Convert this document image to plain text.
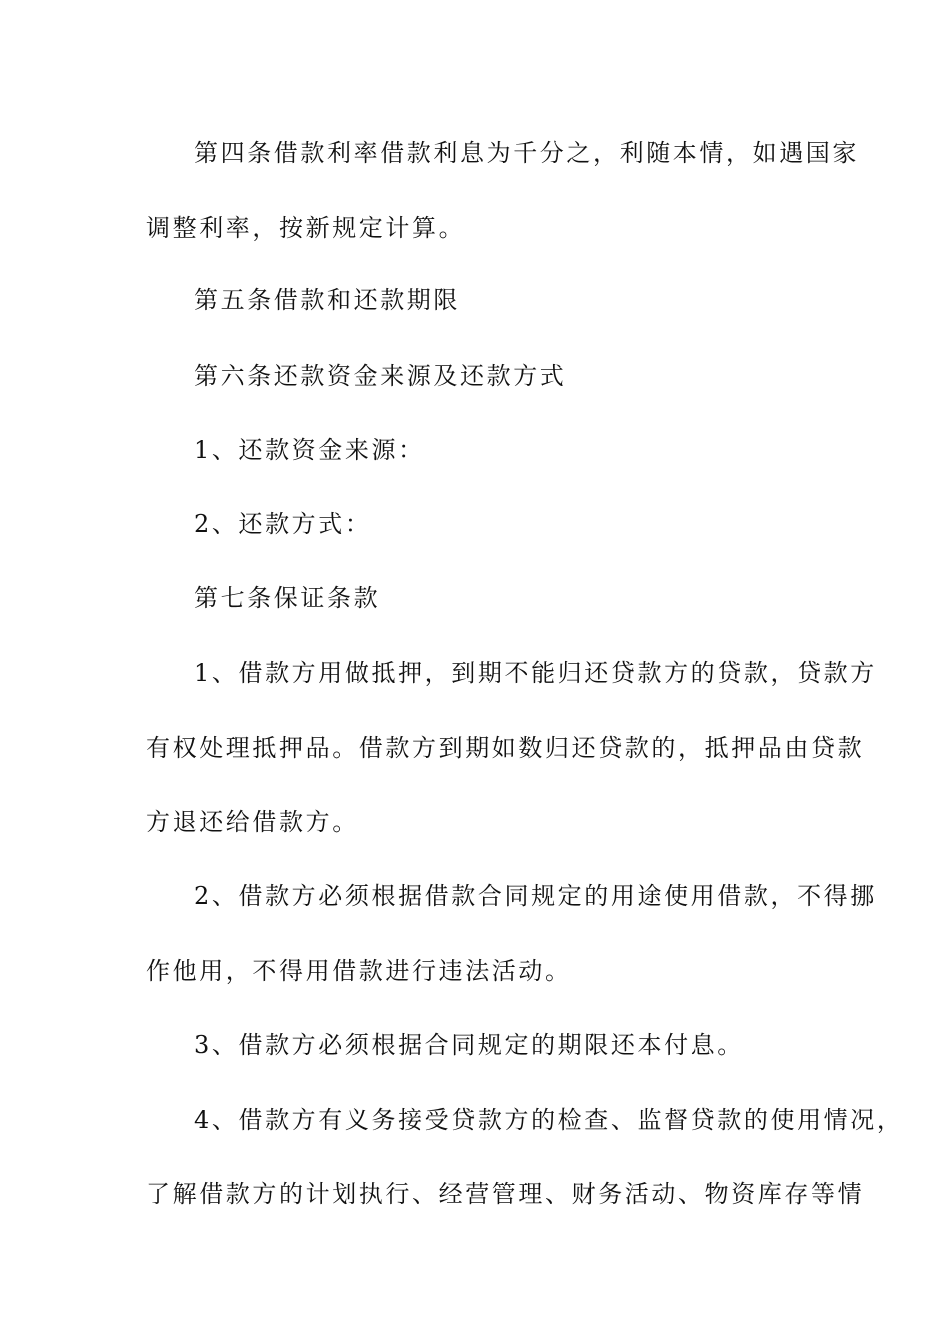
第四条借款利率借款利息为千分之，利随本情，如遇国家
调整利率，按新规定计算。
第五条借款和还款期限
第六条还款资金来源及还款方式
1、还款资金来源：
2、还款方式：
第七条保证条款
1、借款方用做抵押，到期不能归还贷款方的贷款，贷款方
有权处理抵押品。借款方到期如数归还贷款的，抵押品由贷款
方退还给借款方。
2、借款方必须根据借款合同规定的用途使用借款，不得挪
作他用，不得用借款进行违法活动。
3、借款方必须根据合同规定的期限还本付息。
4、借款方有义务接受贷款方的检查、监督贷款的使用情况，
了解借款方的计划执行、经营管理、财务活动、物资库存等情
